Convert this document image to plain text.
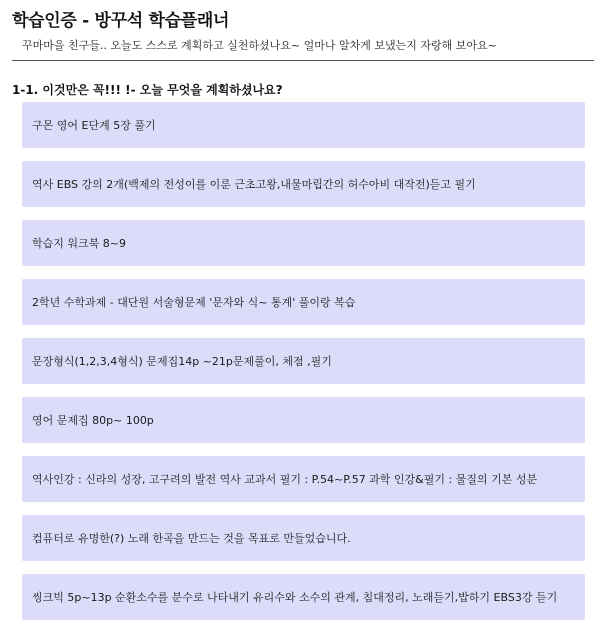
학습인증 - 방꾸석 학습플래너
꾸마마을 친구들.. 오늘도 스스로 계획하고 실천하셨나요~ 얼마나 알차게 보냈는지 자랑해 보아요~
1-1. 이것만은 꼭!!! !- 오늘 무엇을 계획하셨나요?
구몬 영어 E단계 5장 풀기
역사 EBS 강의 2개(백제의 전성이를 이룬 근초고왕,내물마립간의 허수아비 대작전)듣고 필기
학습지 워크북 8~9
2학년 수학과제 - 대단원 서술형문제 '문자와 식~ 통계' 풀이랑 복습
문장형식(1,2,3,4형식) 문제집14p ~21p문제풀이, 체점 ,필기
영어 문제집 80p~ 100p
역사인강 : 신라의 성장, 고구려의 발전 역사 교과서 필기 : P.54~P.57 과학 인강&필기 : 물질의 기본 성분
컴퓨터로 유명한(?) 노래 한곡을 만드는 것을 목표로 만들었습니다.
씽크빅 5p~13p 순환소수를 분수로 나타내기 유리수와 소수의 관계, 침대정리, 노래듣기,밥하기 EBS3강 듣기
